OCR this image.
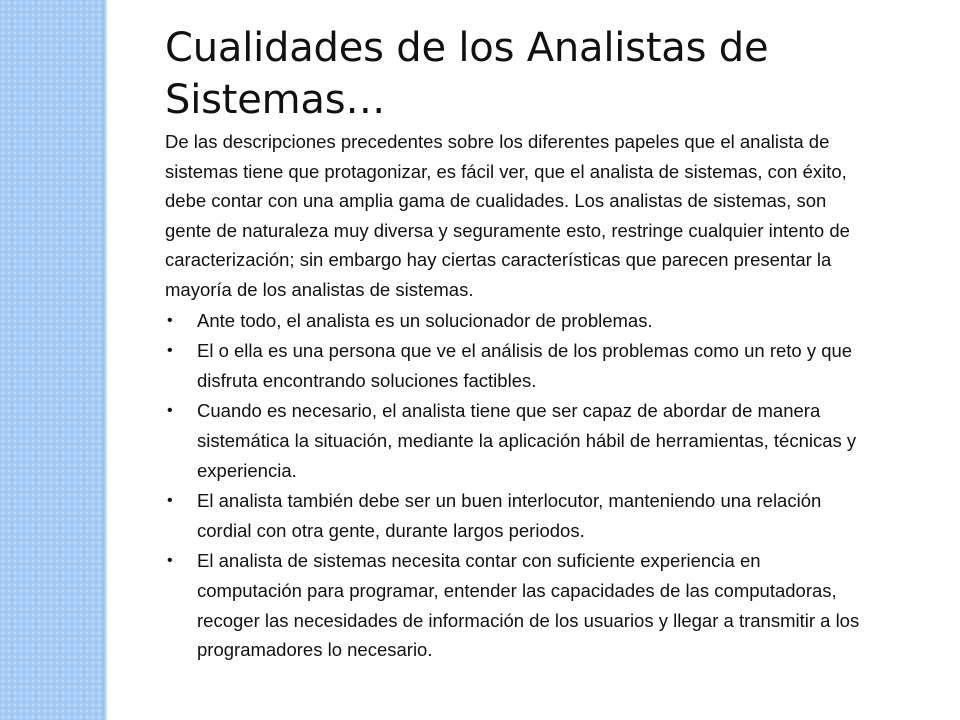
Cualidades de los Analistas de Sistemas…

De las descripciones precedentes sobre los diferentes papeles que el analista de sistemas tiene que protagonizar, es fácil ver, que el analista de sistemas, con éxito, debe contar con una amplia gama de cualidades. Los analistas de sistemas, son gente de naturaleza muy diversa y seguramente esto, restringe cualquier intento de caracterización; sin embargo hay ciertas características que parecen presentar la mayoría de los analistas de sistemas.

• Ante todo, el analista es un solucionador de problemas.
• El o ella es una persona que ve el análisis de los problemas como un reto y que disfruta encontrando soluciones factibles.
• Cuando es necesario, el analista tiene que ser capaz de abordar de manera sistemática la situación, mediante la aplicación hábil de herramientas, técnicas y experiencia.
• El analista también debe ser un buen interlocutor, manteniendo una relación cordial con otra gente, durante largos periodos.
• El analista de sistemas necesita contar con suficiente experiencia en computación para programar, entender las capacidades de las computadoras, recoger las necesidades de información de los usuarios y llegar a transmitir a los programadores lo necesario.
